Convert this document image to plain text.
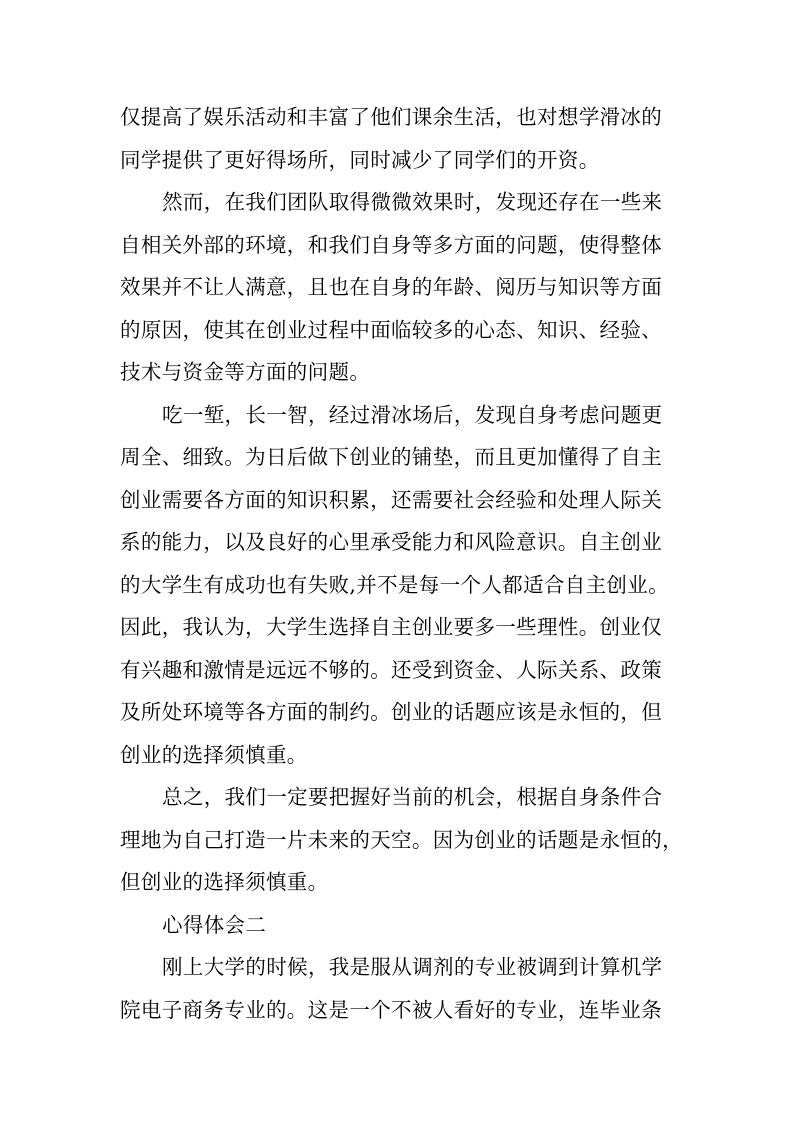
仅提高了娱乐活动和丰富了他们课余生活，也对想学滑冰的
同学提供了更好得场所，同时减少了同学们的开资。
然而，在我们团队取得微微效果时，发现还存在一些来
自相关外部的环境，和我们自身等多方面的问题，使得整体
效果并不让人满意，且也在自身的年龄、阅历与知识等方面
的原因，使其在创业过程中面临较多的心态、知识、经验、
技术与资金等方面的问题。
吃一堑，长一智，经过滑冰场后，发现自身考虑问题更
周全、细致。为日后做下创业的铺垫，而且更加懂得了自主
创业需要各方面的知识积累，还需要社会经验和处理人际关
系的能力，以及良好的心里承受能力和风险意识。自主创业
的大学生有成功也有失败,并不是每一个人都适合自主创业。
因此，我认为，大学生选择自主创业要多一些理性。创业仅
有兴趣和激情是远远不够的。还受到资金、人际关系、政策
及所处环境等各方面的制约。创业的话题应该是永恒的，但
创业的选择须慎重。
总之，我们一定要把握好当前的机会，根据自身条件合
理地为自己打造一片未来的天空。因为创业的话题是永恒的，
但创业的选择须慎重。
心得体会二
刚上大学的时候，我是服从调剂的专业被调到计算机学
院电子商务专业的。这是一个不被人看好的专业，连毕业条
